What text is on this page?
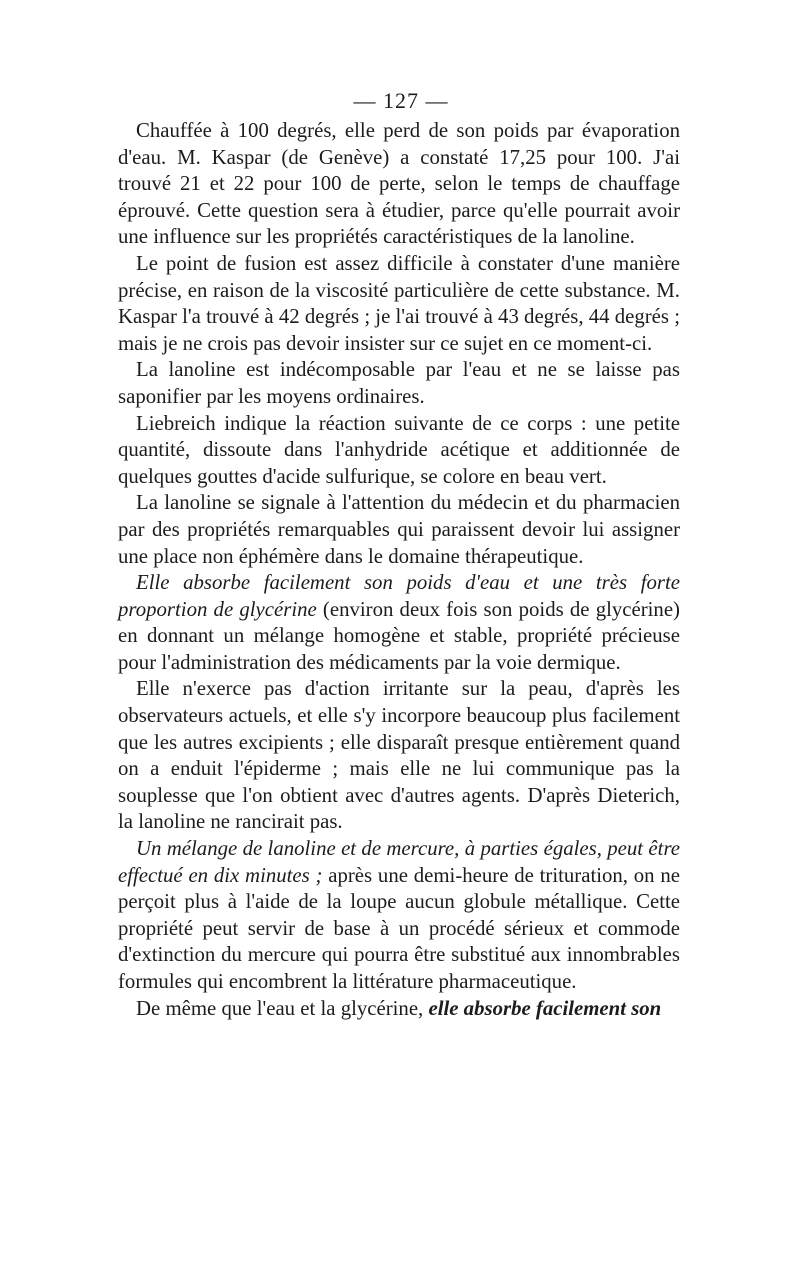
— 127 —

Chauffée à 100 degrés, elle perd de son poids par évaporation d'eau. M. Kaspar (de Genève) a constaté 17,25 pour 100. J'ai trouvé 21 et 22 pour 100 de perte, selon le temps de chauffage éprouvé. Cette question sera à étudier, parce qu'elle pourrait avoir une influence sur les propriétés caractéristiques de la lanoline.

Le point de fusion est assez difficile à constater d'une manière précise, en raison de la viscosité particulière de cette substance. M. Kaspar l'a trouvé à 42 degrés ; je l'ai trouvé à 43 degrés, 44 degrés ; mais je ne crois pas devoir insister sur ce sujet en ce moment-ci.

La lanoline est indécomposable par l'eau et ne se laisse pas saponifier par les moyens ordinaires.

Liebreich indique la réaction suivante de ce corps : une petite quantité, dissoute dans l'anhydride acétique et additionnée de quelques gouttes d'acide sulfurique, se colore en beau vert.

La lanoline se signale à l'attention du médecin et du pharmacien par des propriétés remarquables qui paraissent devoir lui assigner une place non éphémère dans le domaine thérapeutique.

Elle absorbe facilement son poids d'eau et une très forte proportion de glycérine (environ deux fois son poids de glycérine) en donnant un mélange homogène et stable, propriété précieuse pour l'administration des médicaments par la voie dermique.

Elle n'exerce pas d'action irritante sur la peau, d'après les observateurs actuels, et elle s'y incorpore beaucoup plus facilement que les autres excipients ; elle disparaît presque entièrement quand on a enduit l'épiderme ; mais elle ne lui communique pas la souplesse que l'on obtient avec d'autres agents. D'après Dieterich, la lanoline ne rancirait pas.

Un mélange de lanoline et de mercure, à parties égales, peut être effectué en dix minutes ; après une demi-heure de trituration, on ne perçoit plus à l'aide de la loupe aucun globule métallique. Cette propriété peut servir de base à un procédé sérieux et commode d'extinction du mercure qui pourra être substitué aux innombrables formules qui encombrent la littérature pharmaceutique.

De même que l'eau et la glycérine, elle absorbe facilement son
